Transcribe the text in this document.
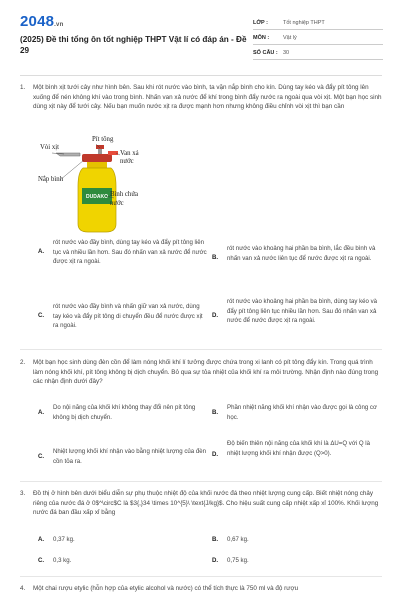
2048.vn
(2025) Đề thi tổng ôn tốt nghiệp THPT Vật lí có đáp án - Đề 29
LỚP :	Tốt nghiệp THPT
MÔN :	Vật lý
SỐ CÂU : 30
1. Một bình xịt tưới cây như hình bên. Sau khi rót nước vào bình, ta vặn nắp bình cho kín. Dùng tay kéo và đẩy pít tông lên xuống để nén không khí vào trong bình. Nhấn van xả nước để khí trong bình đẩy nước ra ngoài qua vòi xịt. Một bạn học sinh dùng xịt này để tưới cây. Nếu bạn muốn nước xịt ra được mạnh hơn nhưng không điều chỉnh vòi xịt thì bạn cần
DUDAKO
Vòi xịt
Pít tông
Van xả nước
Nắp bình
Bình chứa nước
A.
rót nước vào đầy bình, dùng tay kéo và đẩy pít tông liên tục và nhiều lần hơn. Sau đó nhấn van xả nước để nước được xịt ra ngoài.
B.
rót nước vào khoảng hai phần ba bình, lắc đều bình và nhấn van xả nước liên tục để nước được xịt ra ngoài.
C.
rót nước vào đầy bình và nhấn giữ van xả nước, dùng tay kéo và đẩy pít tông di chuyển đều để nước được xịt ra ngoài.
D.
rót nước vào khoảng hai phần ba bình, dùng tay kéo và đẩy pít tông liên tục nhiều lần hơn. Sau đó nhấn van xả nước để nước được xịt ra ngoài.
2. Một bạn học sinh dùng đèn cồn để làm nóng khối khí lí tưởng được chứa trong xi lanh có pít tông đẩy kín. Trong quá trình làm nóng khối khí, pít tông không bị dịch chuyển. Bỏ qua sự tỏa nhiệt của khối khí ra môi trường. Nhận định nào đúng trong các nhận định dưới đây?
A.
Do nội năng của khối khí không thay đổi nên pít tông không bị dịch chuyển.
B.
Phần nhiệt năng khối khí nhận vào được gọi là công cơ học.
C.
Nhiệt lượng khối khí nhận vào bằng nhiệt lượng của đèn cồn tỏa ra.
D.
Độ biến thiên nội năng của khối khí là ΔU=Q với Q là nhiệt lượng khối khí nhận được (Q>0).
3. Đồ thị ở hình bên dưới biểu diễn sự phụ thuộc nhiệt độ của khối nước đá theo nhiệt lượng cung cấp. Biết nhiệt nóng chảy riêng của nước đá ở 0$^\circ$C là $3{,}34 \times 10^{5}\ \text{J/kg}$. Cho hiệu suất cung cấp nhiệt xấp xỉ 100%. Khối lượng nước đá ban đầu xấp xỉ bằng
A. 0,37 kg.	B. 0,67 kg.
C. 0,3 kg.	D. 0,75 kg.
4. Một chai rượu etylic (hỗn hợp của etylic alcohol và nước) có thể tích thực là 750 ml và độ rượu
